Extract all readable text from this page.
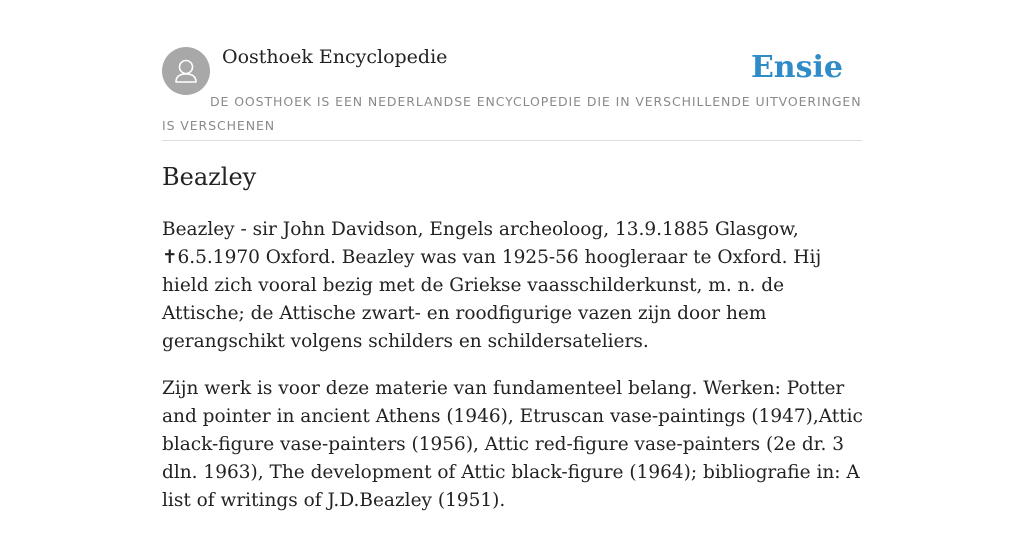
Oosthoek Encyclopedie	Ensie
DE OOSTHOEK IS EEN NEDERLANDSE ENCYCLOPEDIE DIE IN VERSCHILLENDE UITVOERINGEN IS VERSCHENEN
Beazley

Beazley - sir John Davidson, Engels archeoloog, 13.9.1885 Glasgow, ✝6.5.1970 Oxford. Beazley was van 1925-56 hoogleraar te Oxford. Hij hield zich vooral bezig met de Griekse vaasschilderkunst, m. n. de Attische; de Attische zwart- en roodfigurige vazen zijn door hem gerangschikt volgens schilders en schildersateliers.

Zijn werk is voor deze materie van fundamenteel belang. Werken: Potter and pointer in ancient Athens (1946), Etruscan vase-paintings (1947),Attic black-figure vase-painters (1956), Attic red-figure vase-painters (2e dr. 3 dln. 1963), The development of Attic black-figure (1964); bibliografie in: A list of writings of J.D.Beazley (1951).
